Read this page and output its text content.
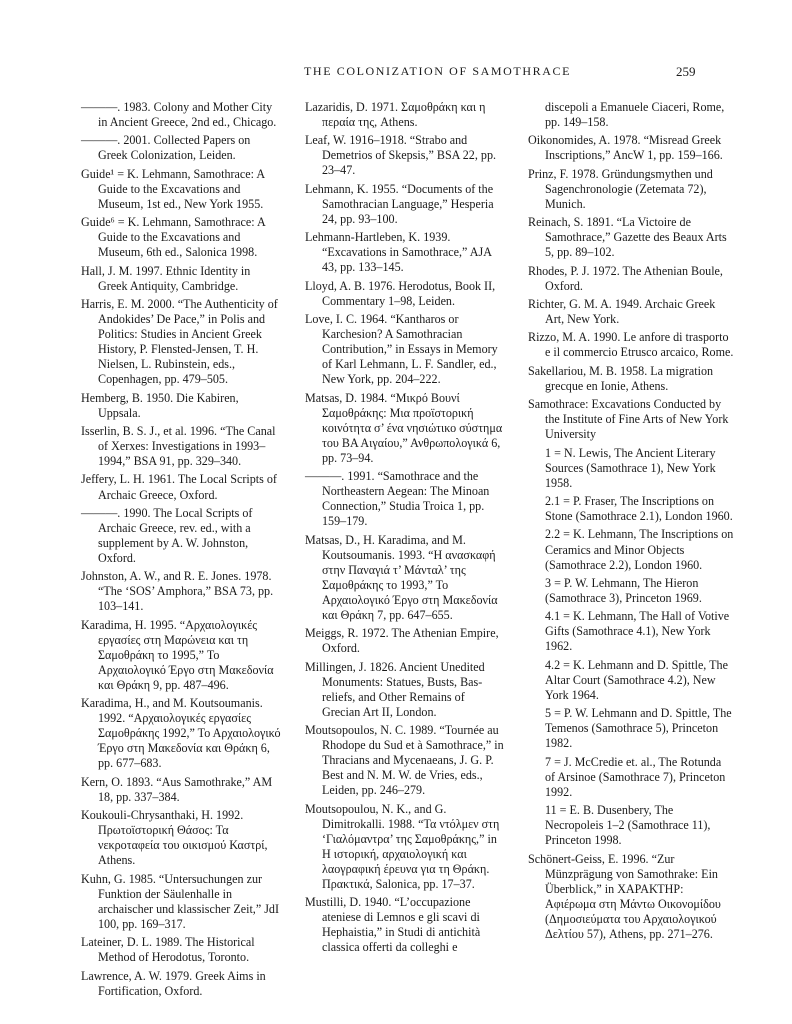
THE COLONIZATION OF SAMOTHRACE	259

———. 1983. Colony and Mother City in Ancient Greece, 2nd ed., Chicago.

———. 2001. Collected Papers on Greek Colonization, Leiden.

Guide¹ = K. Lehmann, Samothrace: A Guide to the Excavations and Museum, 1st ed., New York 1955.

Guide⁶ = K. Lehmann, Samothrace: A Guide to the Excavations and Museum, 6th ed., Salonica 1998.

Hall, J. M. 1997. Ethnic Identity in Greek Antiquity, Cambridge.

Harris, E. M. 2000. “The Authenticity of Andokides’ De Pace,” in Polis and Politics: Studies in Ancient Greek History, P. Flensted-Jensen, T. H. Nielsen, L. Rubinstein, eds., Copenhagen, pp. 479–505.

Hemberg, B. 1950. Die Kabiren, Uppsala.

Isserlin, B. S. J., et al. 1996. “The Canal of Xerxes: Investigations in 1993–1994,” BSA 91, pp. 329–340.

Jeffery, L. H. 1961. The Local Scripts of Archaic Greece, Oxford.

———. 1990. The Local Scripts of Archaic Greece, rev. ed., with a supplement by A. W. Johnston, Oxford.

Johnston, A. W., and R. E. Jones. 1978. “The ‘SOS’ Amphora,” BSA 73, pp. 103–141.

Karadima, H. 1995. “Αρχαιολογικές εργασίες στη Μαρώνεια και τη Σαμοθράκη το 1995,” Το Αρχαιολογικό Έργο στη Μακεδονία και Θράκη 9, pp. 487–496.

Karadima, H., and M. Koutsoumanis. 1992. “Αρχαιολογικές εργασίες Σαμοθράκης 1992,” Το Αρχαιολογικό Έργο στη Μακεδονία και Θράκη 6, pp. 677–683.

Kern, O. 1893. “Aus Samothrake,” AM 18, pp. 337–384.

Koukouli-Chrysanthaki, H. 1992. Πρωτοϊστορική Θάσος: Τα νεκροταφεία του οικισμού Καστρί, Athens.

Kuhn, G. 1985. “Untersuchungen zur Funktion der Säulenhalle in archaischer und klassischer Zeit,” JdI 100, pp. 169–317.

Lateiner, D. L. 1989. The Historical Method of Herodotus, Toronto.

Lawrence, A. W. 1979. Greek Aims in Fortification, Oxford.

Lazaridis, D. 1971. Σαμοθράκη και η περαία της, Athens.

Leaf, W. 1916–1918. “Strabo and Demetrios of Skepsis,” BSA 22, pp. 23–47.

Lehmann, K. 1955. “Documents of the Samothracian Language,” Hesperia 24, pp. 93–100.

Lehmann-Hartleben, K. 1939. “Excavations in Samothrace,” AJA 43, pp. 133–145.

Lloyd, A. B. 1976. Herodotus, Book II, Commentary 1–98, Leiden.

Love, I. C. 1964. “Kantharos or Karchesion? A Samothracian Contribution,” in Essays in Memory of Karl Lehmann, L. F. Sandler, ed., New York, pp. 204–222.

Matsas, D. 1984. “Μικρό Βουνί Σαμοθράκης: Μια προϊστορική κοινότητα σ’ ένα νησιώτικο σύστημα του ΒΑ Αιγαίου,” Ανθρωπολογικά 6, pp. 73–94.

———. 1991. “Samothrace and the Northeastern Aegean: The Minoan Connection,” Studia Troica 1, pp. 159–179.

Matsas, D., H. Karadima, and M. Koutsoumanis. 1993. “Η ανασκαφή στην Παναγιά τ’ Μάνταλ’ της Σαμοθράκης το 1993,” Το Αρχαιολογικό Έργο στη Μακεδονία και Θράκη 7, pp. 647–655.

Meiggs, R. 1972. The Athenian Empire, Oxford.

Millingen, J. 1826. Ancient Unedited Monuments: Statues, Busts, Bas-reliefs, and Other Remains of Grecian Art II, London.

Moutsopoulos, N. C. 1989. “Tournée au Rhodope du Sud et à Samothrace,” in Thracians and Mycenaeans, J. G. P. Best and N. M. W. de Vries, eds., Leiden, pp. 246–279.

Moutsopoulou, N. K., and G. Dimitrokalli. 1988. “Τα ντόλμεν στη ‘Γιαλόμαντρα’ της Σαμοθράκης,” in Η ιστορική, αρχαιολογική και λαογραφική έρευνα για τη Θράκη. Πρακτικά, Salonica, pp. 17–37.

Mustilli, D. 1940. “L’occupazione ateniese di Lemnos e gli scavi di Hephaistia,” in Studi di antichità classica offerti da colleghi e

discepoli a Emanuele Ciaceri, Rome, pp. 149–158.

Oikonomides, A. 1978. “Misread Greek Inscriptions,” AncW 1, pp. 159–166.

Prinz, F. 1978. Gründungsmythen und Sagenchronologie (Zetemata 72), Munich.

Reinach, S. 1891. “La Victoire de Samothrace,” Gazette des Beaux Arts 5, pp. 89–102.

Rhodes, P. J. 1972. The Athenian Boule, Oxford.

Richter, G. M. A. 1949. Archaic Greek Art, New York.

Rizzo, M. A. 1990. Le anfore di trasporto e il commercio Etrusco arcaico, Rome.

Sakellariou, M. B. 1958. La migration grecque en Ionie, Athens.

Samothrace: Excavations Conducted by the Institute of Fine Arts of New York University

1 = N. Lewis, The Ancient Literary Sources (Samothrace 1), New York 1958.

2.1 = P. Fraser, The Inscriptions on Stone (Samothrace 2.1), London 1960.

2.2 = K. Lehmann, The Inscriptions on Ceramics and Minor Objects (Samothrace 2.2), London 1960.

3 = P. W. Lehmann, The Hieron (Samothrace 3), Princeton 1969.

4.1 = K. Lehmann, The Hall of Votive Gifts (Samothrace 4.1), New York 1962.

4.2 = K. Lehmann and D. Spittle, The Altar Court (Samothrace 4.2), New York 1964.

5 = P. W. Lehmann and D. Spittle, The Temenos (Samothrace 5), Princeton 1982.

7 = J. McCredie et. al., The Rotunda of Arsinoe (Samothrace 7), Princeton 1992.

11 = E. B. Dusenbery, The Necropoleis 1–2 (Samothrace 11), Princeton 1998.

Schönert-Geiss, E. 1996. “Zur Münzprägung von Samothrake: Ein Überblick,” in ΧΑΡΑΚΤΗΡ: Αφιέρωμα στη Μάντω Οικονομίδου (Δημοσιεύματα του Αρχαιολογικού Δελτίου 57), Athens, pp. 271–276.
